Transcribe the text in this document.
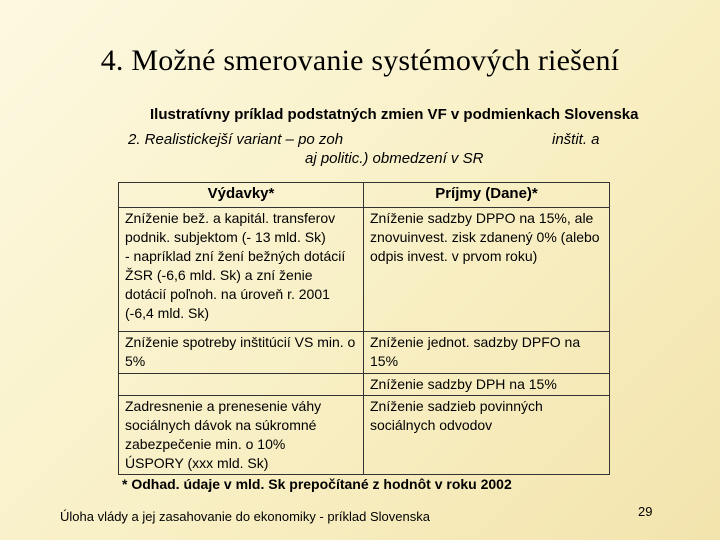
4. Možné smerovanie systémových riešení
Ilustratívny príklad podstatných zmien VF v podmienkach Slovenska
2. Realistickejší variant – po zoh	inštit. a
aj politic.) obmedzení v SR
Výdavky*	Príjmy (Dane)*

Zníženie bež. a kapitál. transferov podnik. subjektom (- 13 mld. Sk)
- napríklad zní žení bežných dotácií ŽSR (-6,6 mld. Sk) a zní ženie dotácií poľnoh. na úroveň r. 2001 (-6,4 mld. Sk)	Zníženie sadzby DPPO na 15%, ale znovuinvest. zisk zdanený 0% (alebo odpis invest. v prvom roku)

Zníženie spotreby inštitúcií VS min. o 5%	Zníženie jednot. sadzby DPFO na 15%

	Zníženie sadzby DPH na 15%

Zadresnenie a prenesenie váhy sociálnych dávok na súkromné zabezpečenie min. o 10%
ÚSPORY (xxx mld. Sk)	Zníženie sadzieb povinných sociálnych odvodov
* Odhad. údaje v mld. Sk prepočítané z hodnôt v roku 2002
Úloha vlády a jej zasahovanie do ekonomiky - príklad Slovenska	29
